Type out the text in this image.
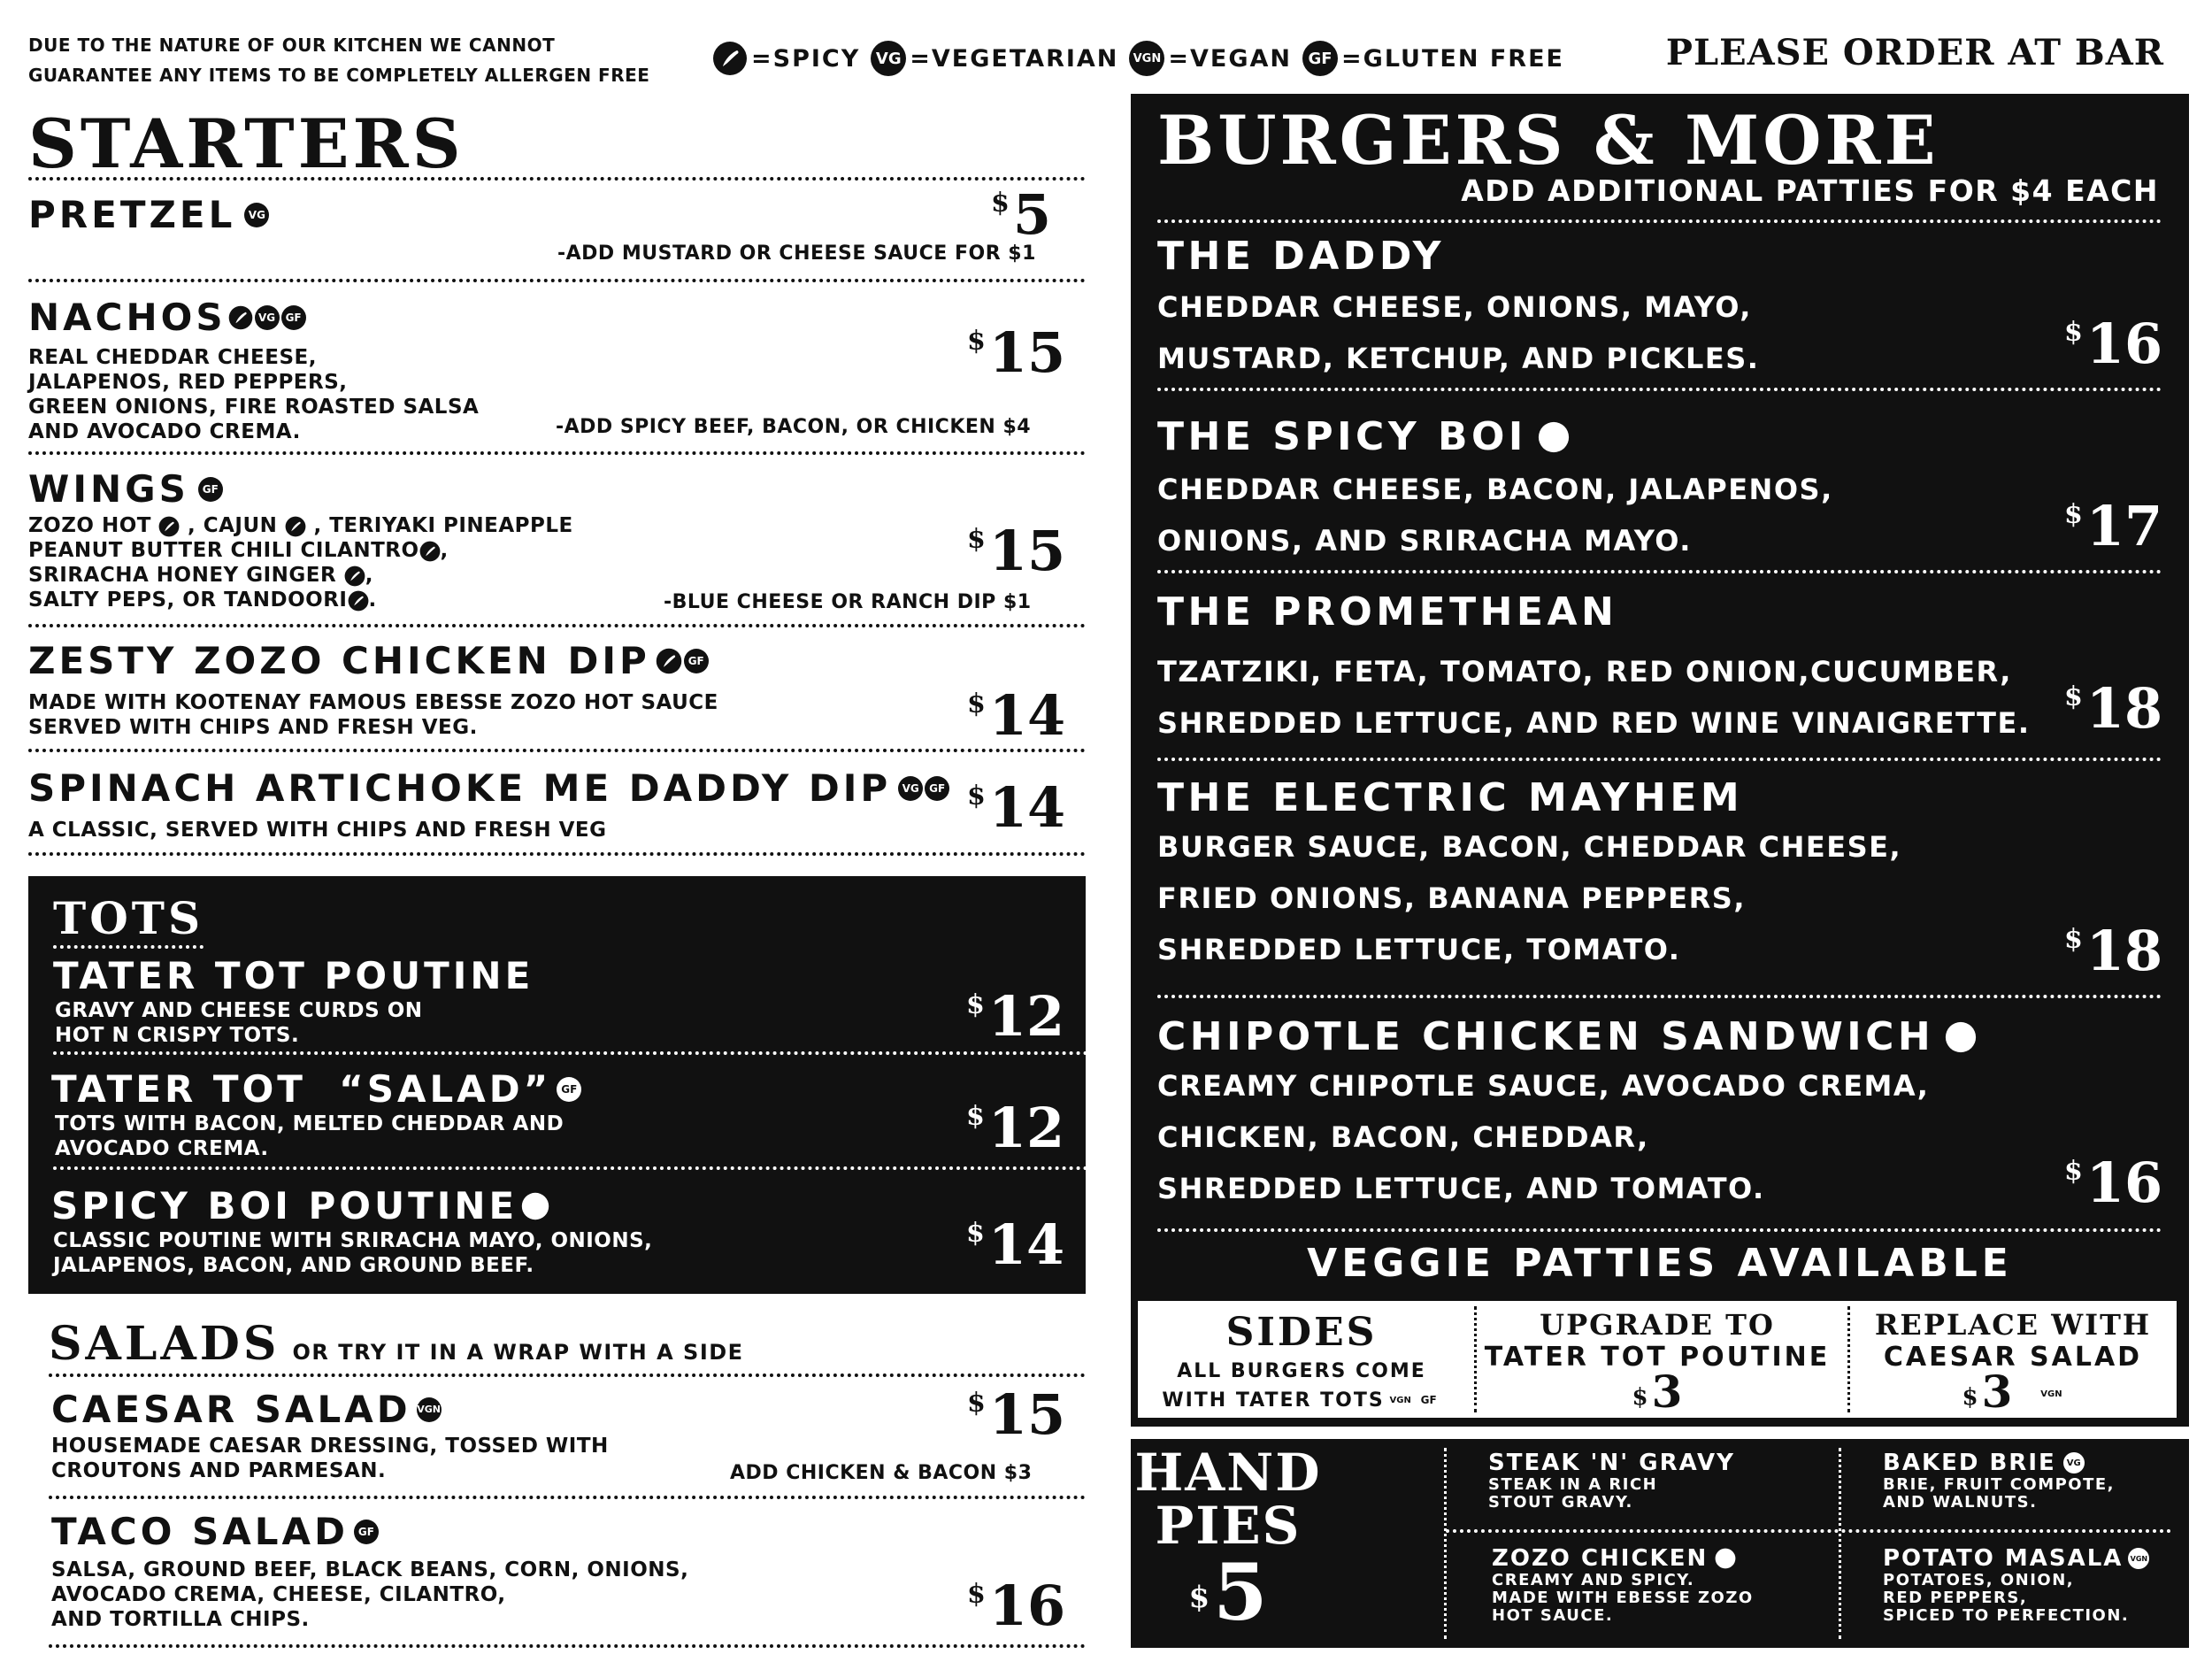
DUE TO THE NATURE OF OUR KITCHEN WE CANNOT
GUARANTEE ANY ITEMS TO BE COMPLETELY ALLERGEN FREE
=SPICY VG =VEGETARIAN	VGN =VEGAN	GF =GLUTEN FREE	PLEASE ORDER AT BAR
STARTERS
PRETZEL	VG	$5
-ADD MUSTARD OR CHEESE SAUCE FOR $1
NACHOS	VG GF
REAL CHEDDAR CHEESE,
JALAPENOS, RED PEPPERS,
GREEN ONIONS, FIRE ROASTED SALSA
AND AVOCADO CREMA.
$15
-ADD SPICY BEEF, BACON, OR CHICKEN $4
WINGS	GF
ZOZO HOT , CAJUN , TERIYAKI PINEAPPLE
PEANUT BUTTER CHILI CILANTRO ,
SRIRACHA HONEY GINGER ,
SALTY PEPS, OR TANDOORI .
$15
-BLUE CHEESE OR RANCH DIP $1
ZESTY ZOZO CHICKEN DIP	GF
MADE WITH KOOTENAY FAMOUS EBESSE ZOZO HOT SAUCE
SERVED WITH CHIPS AND FRESH VEG.
$14
SPINACH ARTICHOKE ME DADDY DIP	VG GF
A CLASSIC, SERVED WITH CHIPS AND FRESH VEG
$14
TOTS
TATER TOT POUTINE
GRAVY AND CHEESE CURDS ON
HOT N CRISPY TOTS.
$12
TATER TOT  “SALAD” GF
TOTS WITH BACON, MELTED CHEDDAR AND
AVOCADO CREMA.
$12
SPICY BOI POUTINE
CLASSIC POUTINE WITH SRIRACHA MAYO, ONIONS,
JALAPENOS, BACON, AND GROUND BEEF.
$14
SALADS OR TRY IT IN A WRAP WITH A SIDE
CAESAR SALAD VGN
HOUSEMADE CAESAR DRESSING, TOSSED WITH
CROUTONS AND PARMESAN.
$15
ADD CHICKEN & BACON $3
TACO SALAD GF
SALSA, GROUND BEEF, BLACK BEANS, CORN, ONIONS,
AVOCADO CREMA, CHEESE, CILANTRO,
AND TORTILLA CHIPS.
$16
BURGERS & MORE
ADD ADDITIONAL PATTIES FOR $4 EACH
THE DADDY
CHEDDAR CHEESE, ONIONS, MAYO,
MUSTARD, KETCHUP, AND PICKLES.
$16
THE SPICY BOI
CHEDDAR CHEESE, BACON, JALAPENOS,
ONIONS, AND SRIRACHA MAYO.
$17
THE PROMETHEAN
TZATZIKI, FETA, TOMATO, RED ONION,CUCUMBER,
SHREDDED LETTUCE, AND RED WINE VINAIGRETTE.
$18
THE ELECTRIC MAYHEM
BURGER SAUCE, BACON, CHEDDAR CHEESE,
FRIED ONIONS, BANANA PEPPERS,
SHREDDED LETTUCE, TOMATO.	$18
CHIPOTLE CHICKEN SANDWICH
CREAMY CHIPOTLE SAUCE, AVOCADO CREMA,
CHICKEN, BACON, CHEDDAR,
SHREDDED LETTUCE, AND TOMATO.
$16
VEGGIE PATTIES AVAILABLE
SIDES
ALL BURGERS COME
WITH TATER TOTS VGN GF
UPGRADE TO
TATER TOT POUTINE
$3
REPLACE WITH
CAESAR SALAD
$3	VGN
HAND
PIES
$5
STEAK 'N' GRAVY
STEAK IN A RICH
STOUT GRAVY.
BAKED BRIE	VG
BRIE, FRUIT COMPOTE,
AND WALNUTS.
ZOZO CHICKEN
CREAMY AND SPICY.
MADE WITH EBESSE ZOZO
HOT SAUCE.
POTATO MASALA VGN
POTATOES, ONION,
RED PEPPERS,
SPICED TO PERFECTION.
